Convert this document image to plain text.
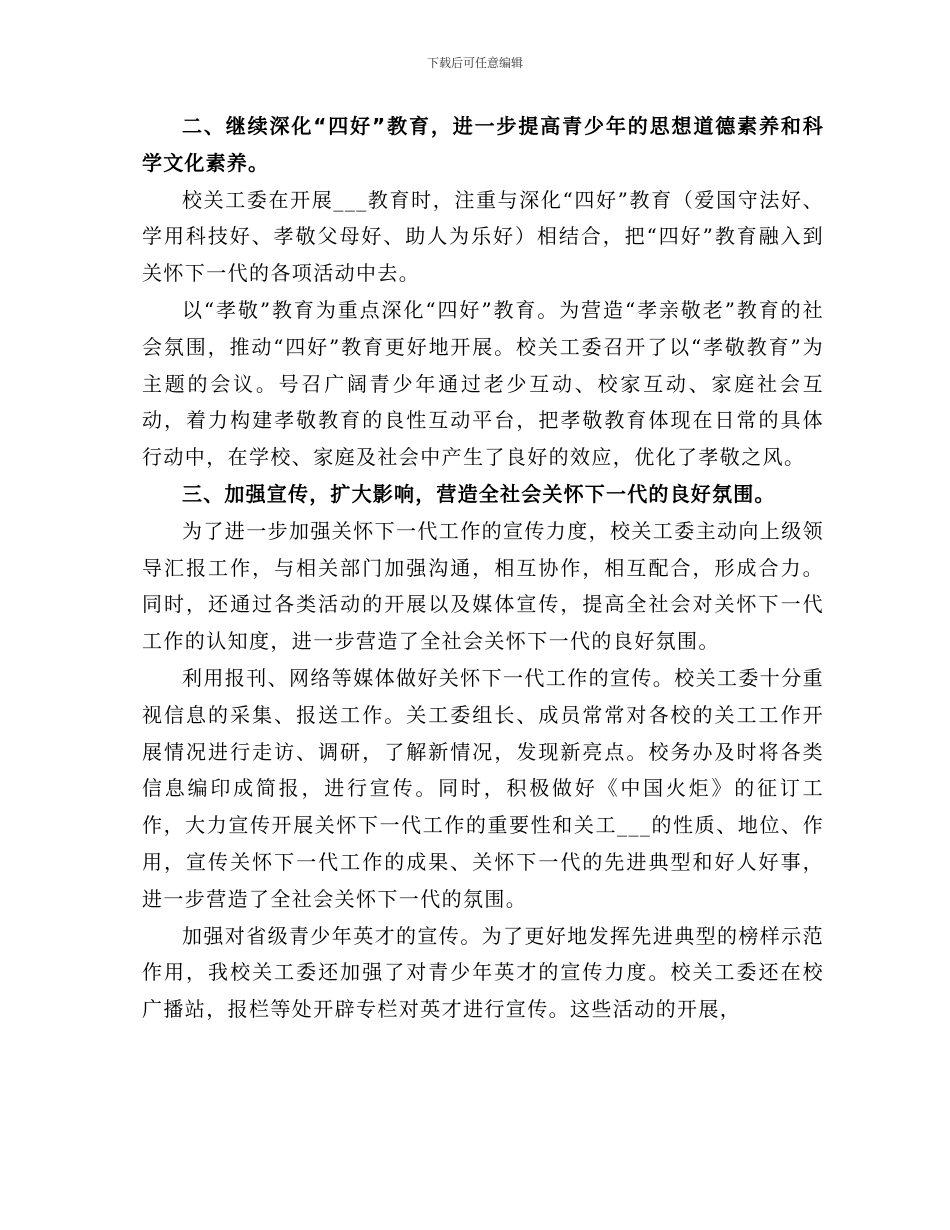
下载后可任意编辑

二、继续深化“四好”教育，进一步提高青少年的思想道德素养和科学文化素养。

校关工委在开展___教育时，注重与深化“四好”教育（爱国守法好、学用科技好、孝敬父母好、助人为乐好）相结合，把“四好”教育融入到关怀下一代的各项活动中去。

以“孝敬”教育为重点深化“四好”教育。为营造“孝亲敬老”教育的社会氛围，推动“四好”教育更好地开展。校关工委召开了以“孝敬教育”为主题的会议。号召广阔青少年通过老少互动、校家互动、家庭社会互动，着力构建孝敬教育的良性互动平台，把孝敬教育体现在日常的具体行动中，在学校、家庭及社会中产生了良好的效应，优化了孝敬之风。

三、加强宣传，扩大影响，营造全社会关怀下一代的良好氛围。

为了进一步加强关怀下一代工作的宣传力度，校关工委主动向上级领导汇报工作，与相关部门加强沟通，相互协作，相互配合，形成合力。同时，还通过各类活动的开展以及媒体宣传，提高全社会对关怀下一代工作的认知度，进一步营造了全社会关怀下一代的良好氛围。

利用报刊、网络等媒体做好关怀下一代工作的宣传。校关工委十分重视信息的采集、报送工作。关工委组长、成员常常对各校的关工工作开展情况进行走访、调研，了解新情况，发现新亮点。校务办及时将各类信息编印成简报，进行宣传。同时，积极做好《中国火炬》的征订工作，大力宣传开展关怀下一代工作的重要性和关工___的性质、地位、作用，宣传关怀下一代工作的成果、关怀下一代的先进典型和好人好事，进一步营造了全社会关怀下一代的氛围。

加强对省级青少年英才的宣传。为了更好地发挥先进典型的榜样示范作用，我校关工委还加强了对青少年英才的宣传力度。校关工委还在校广播站，报栏等处开辟专栏对英才进行宣传。这些活动的开展，
